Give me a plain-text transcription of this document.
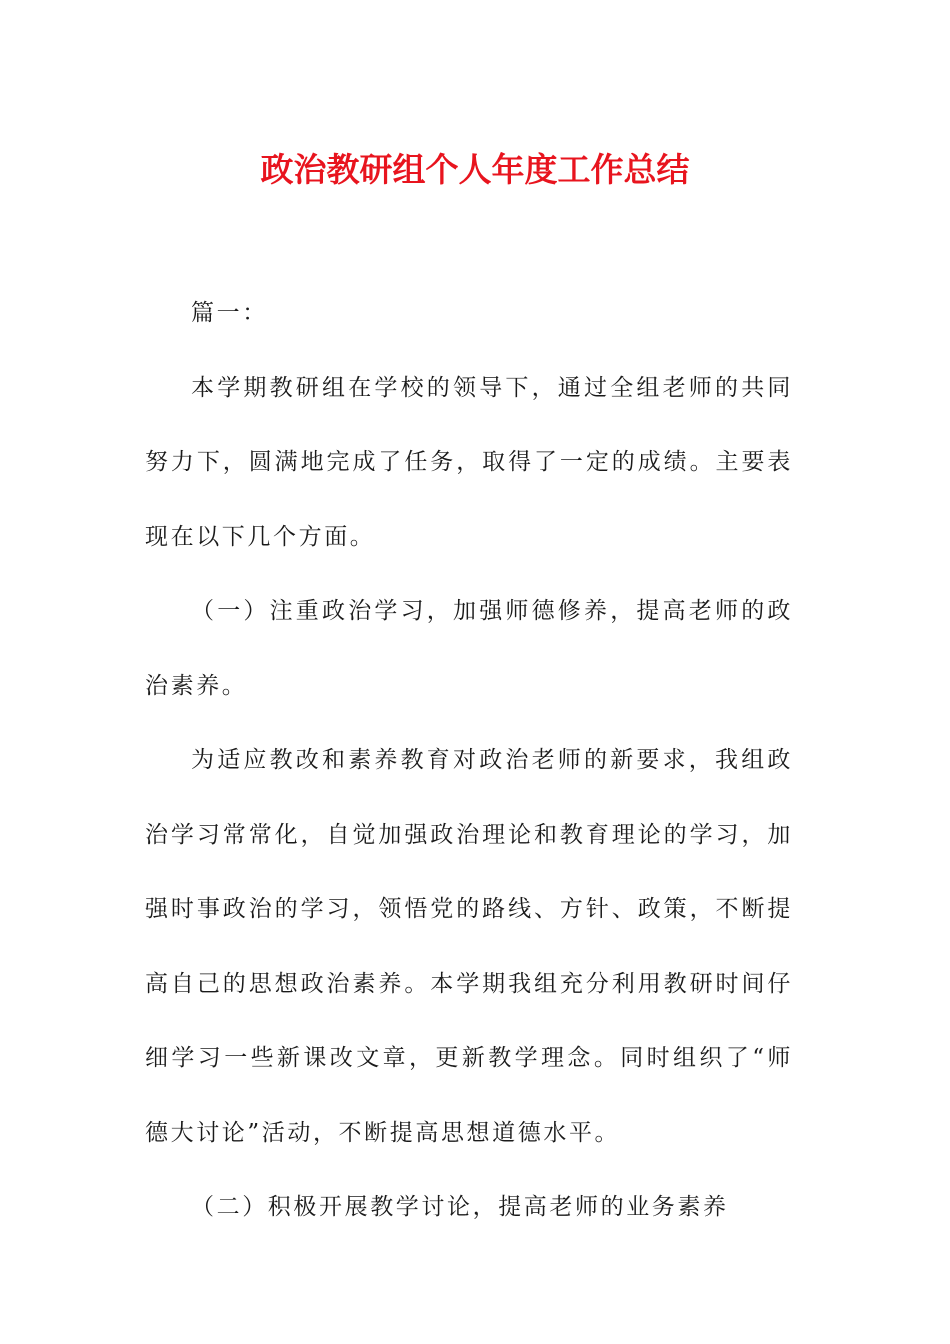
政治教研组个人年度工作总结

篇一：

本学期教研组在学校的领导下，通过全组老师的共同努力下，圆满地完成了任务，取得了一定的成绩。主要表现在以下几个方面。

（一）注重政治学习，加强师德修养，提高老师的政治素养。

为适应教改和素养教育对政治老师的新要求，我组政治学习常常化，自觉加强政治理论和教育理论的学习，加强时事政治的学习，领悟党的路线、方针、政策，不断提高自己的思想政治素养。本学期我组充分利用教研时间仔细学习一些新课改文章，更新教学理念。同时组织了“师德大讨论”活动，不断提高思想道德水平。

（二）积极开展教学讨论，提高老师的业务素养
